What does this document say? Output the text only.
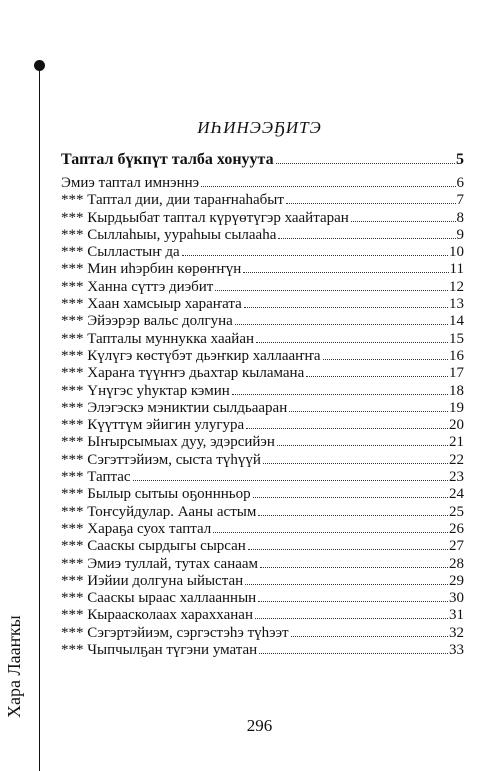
Хара Лааҥкы
ИҺИНЭЭҔИТЭ
Таптал бүкпүт талба хонуута	5
Эмиэ таптал имнэннэ	6
*** Таптал дии, дии тараҥнаһабыт	7
*** Кырдьыбат таптал күрүөтүгэр хаайтаран	8
*** Сыллаһыы, уураһыы сылааһа	9
*** Сылластыҥ да	10
*** Мин иһэрбин көрөҥҥүн	11
*** Ханна сүттэ диэбит	12
*** Хаан хамсыыр хараҥата	13
*** Эйээрэр вальс долгуна	14
*** Тапталы муннукка хаайан	15
*** Күлүгэ көстүбэт дьэҥкир халлааҥҥа	16
*** Хараҥа түүҥҥэ дьахтар кыламана	17
*** Үнүгэс уһуктар кэмин	18
*** Элэгэскэ мэниктии сылдьааран	19
*** Күүттүм эйигин улугура	20
*** Ыҥырсымыах дуу, эдэрсийэн	21
*** Сэгэттэйиэм, сыста түһүүй	22
*** Таптас	23
*** Былыр сытыы оҕоннньор	24
*** Тоҥсуйдулар. Ааны астым	25
*** Хараҕа суох таптал	26
*** Сааскы сырдыгы сырсан	27
*** Эмиэ туллай, тутах санаам	28
*** Иэйии долгуна ыйыстан	29
*** Сааскы ыраас халлааннын	30
*** Кыраасколаах харахханан	31
*** Сэгэртэйиэм, сэргэстэһэ түһээт	32
*** Чыпчылҕан түгэни уматан	33
296
